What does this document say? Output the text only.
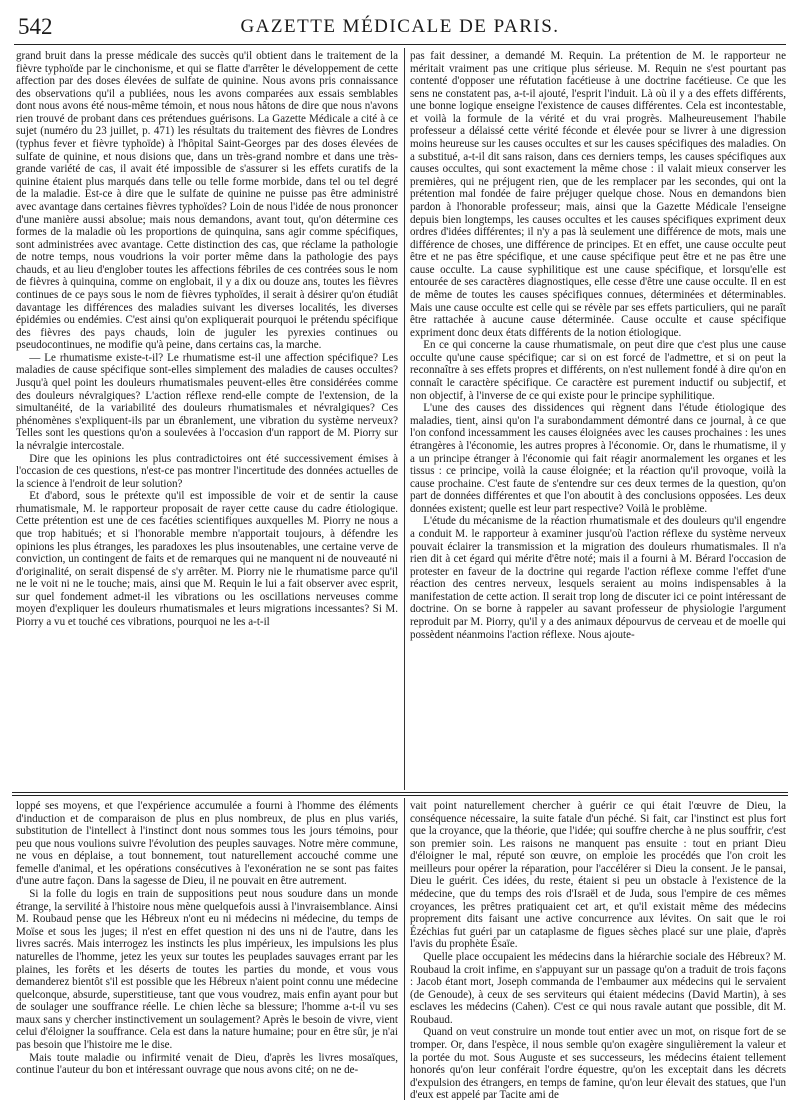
542	GAZETTE MÉDICALE DE PARIS.

grand bruit dans la presse médicale des succès qu'il obtient dans le traitement de la fièvre typhoïde par le cinchonisme, et qui se flatte d'arrêter le développement de cette affection par des doses élevées de sulfate de quinine. Nous avons pris connaissance des observations qu'il a publiées, nous les avons comparées aux essais semblables dont nous avons été nous-même témoin, et nous nous hâtons de dire que nous n'avons rien trouvé de probant dans ces prétendues guérisons. La Gazette Médicale a cité à ce sujet (numéro du 23 juillet, p. 471) les résultats du traitement des fièvres de Londres (typhus fever et fièvre typhoïde) à l'hôpital Saint-Georges par des doses élevées de sulfate de quinine, et nous disions que, dans un très-grand nombre et dans une très-grande variété de cas, il avait été impossible de s'assurer si les effets curatifs de la quinine étaient plus marqués dans telle ou telle forme morbide, dans tel ou tel degré de la maladie. Est-ce à dire que le sulfate de quinine ne puisse pas être administré avec avantage dans certaines fièvres typhoïdes? Loin de nous l'idée de nous prononcer d'une manière aussi absolue; mais nous demandons, avant tout, qu'on détermine ces formes de la maladie où les proportions de quinquina, sans agir comme spécifiques, sont administrées avec avantage. Cette distinction des cas, que réclame la pathologie de notre temps, nous voudrions la voir porter même dans la pathologie des pays chauds, et au lieu d'englober toutes les affections fébriles de ces contrées sous le nom de fièvres à quinquina, comme on englobait, il y a dix ou douze ans, toutes les fièvres continues de ce pays sous le nom de fièvres typhoïdes, il serait à désirer qu'on étudiât davantage les différences des maladies suivant les diverses localités, les diverses épidémies ou endémies. C'est ainsi qu'on expliquerait pourquoi le prétendu spécifique des fièvres des pays chauds, loin de juguler les pyrexies continues ou pseudocontinues, ne modifie qu'à peine, dans certains cas, la marche.

— Le rhumatisme existe-t-il? Le rhumatisme est-il une affection spécifique? Les maladies de cause spécifique sont-elles simplement des maladies de causes occultes? Jusqu'à quel point les douleurs rhumatismales peuvent-elles être considérées comme des douleurs névralgiques? L'action réflexe rend-elle compte de l'extension, de la simultanéité, de la variabilité des douleurs rhumatismales et névralgiques? Ces phénomènes s'expliquent-ils par un ébranlement, une vibration du système nerveux? Telles sont les questions qu'on a soulevées à l'occasion d'un rapport de M. Piorry sur la névralgie intercostale.

Dire que les opinions les plus contradictoires ont été successivement émises à l'occasion de ces questions, n'est-ce pas montrer l'incertitude des données actuelles de la science à l'endroit de leur solution?

Et d'abord, sous le prétexte qu'il est impossible de voir et de sentir la cause rhumatismale, M. le rapporteur proposait de rayer cette cause du cadre étiologique. Cette prétention est une de ces facéties scientifiques auxquelles M. Piorry ne nous a que trop habitués; et si l'honorable membre n'apportait toujours, à défendre les opinions les plus étranges, les paradoxes les plus insoutenables, une certaine verve de conviction, un contingent de faits et de remarques qui ne manquent ni de nouveauté ni d'originalité, on serait dispensé de s'y arrêter. M. Piorry nie le rhumatisme parce qu'il ne le voit ni ne le touche; mais, ainsi que M. Requin le lui a fait observer avec esprit, sur quel fondement admet-il les vibrations ou les oscillations nerveuses comme moyen d'expliquer les douleurs rhumatismales et leurs migrations incessantes? Si M. Piorry a vu et touché ces vibrations, pourquoi ne les a-t-il

pas fait dessiner, a demandé M. Requin. La prétention de M. le rapporteur ne méritait vraiment pas une critique plus sérieuse. M. Requin ne s'est pourtant pas contenté d'opposer une réfutation facétieuse à une doctrine facétieuse. Ce que les sens ne constatent pas, a-t-il ajouté, l'esprit l'induit. Là où il y a des effets différents, une bonne logique enseigne l'existence de causes différentes. Cela est incontestable, et voilà la formule de la vérité et du vrai progrès. Malheureusement l'habile professeur a délaissé cette vérité féconde et élevée pour se livrer à une digression moins heureuse sur les causes occultes et sur les causes spécifiques des maladies. On a substitué, a-t-il dit sans raison, dans ces derniers temps, les causes spécifiques aux causes occultes, qui sont exactement la même chose : il valait mieux conserver les premières, qui ne préjugent rien, que de les remplacer par les secondes, qui ont la prétention mal fondée de faire préjuger quelque chose. Nous en demandons bien pardon à l'honorable professeur; mais, ainsi que la Gazette Médicale l'enseigne depuis bien longtemps, les causes occultes et les causes spécifiques expriment deux ordres d'idées différentes; il n'y a pas là seulement une différence de mots, mais une différence de choses, une différence de principes. Et en effet, une cause occulte peut être et ne pas être spécifique, et une cause spécifique peut être et ne pas être une cause occulte. La cause syphilitique est une cause spécifique, et lorsqu'elle est entourée de ses caractères diagnostiques, elle cesse d'être une cause occulte. Il en est de même de toutes les causes spécifiques connues, déterminées et déterminables. Mais une cause occulte est celle qui se révèle par ses effets particuliers, qui ne paraît être rattachée à aucune cause déterminée. Cause occulte et cause spécifique expriment donc deux états différents de la notion étiologique.

En ce qui concerne la cause rhumatismale, on peut dire que c'est plus une cause occulte qu'une cause spécifique; car si on est forcé de l'admettre, et si on peut la reconnaître à ses effets propres et différents, on n'est nullement fondé à dire qu'on en connaît le caractère spécifique. Ce caractère est purement inductif ou subjectif, et non objectif, à l'inverse de ce qui existe pour le principe syphilitique.

L'une des causes des dissidences qui règnent dans l'étude étiologique des maladies, tient, ainsi qu'on l'a surabondamment démontré dans ce journal, à ce que l'on confond incessamment les causes éloignées avec les causes prochaines : les unes étrangères à l'économie, les autres propres à l'économie. Or, dans le rhumatisme, il y a un principe étranger à l'économie qui fait réagir anormalement les organes et les tissus : ce principe, voilà la cause éloignée; et la réaction qu'il provoque, voilà la cause prochaine. C'est faute de s'entendre sur ces deux termes de la question, qu'on part de données différentes et que l'on aboutit à des conclusions opposées. Les deux données existent; quelle est leur part respective? Voilà le problème.

L'étude du mécanisme de la réaction rhumatismale et des douleurs qu'il engendre a conduit M. le rapporteur à examiner jusqu'où l'action réflexe du système nerveux pouvait éclairer la transmission et la migration des douleurs rhumatismales. Il n'a rien dit à cet égard qui mérite d'être noté; mais il a fourni à M. Bérard l'occasion de protester en faveur de la doctrine qui regarde l'action réflexe comme l'effet d'une réaction des centres nerveux, lesquels seraient au moins indispensables à la manifestation de cette action. Il serait trop long de discuter ici ce point intéressant de doctrine. On se borne à rappeler au savant professeur de physiologie l'argument reproduit par M. Piorry, qu'il y a des animaux dépourvus de cerveau et de moelle qui possèdent néanmoins l'action réflexe. Nous ajoute-

loppé ses moyens, et que l'expérience accumulée a fourni à l'homme des éléments d'induction et de comparaison de plus en plus nombreux, de plus en plus variés, substitution de l'intellect à l'instinct dont nous sommes tous les jours témoins, pour peu que nous voulions suivre l'évolution des peuples sauvages. Notre mère commune, ne vous en déplaise, a tout bonnement, tout naturellement accouché comme une femelle d'animal, et les opérations consécutives à l'exonération ne se sont pas faites d'une autre façon. Dans la sagesse de Dieu, il ne pouvait en être autrement.

Si la folle du logis en train de suppositions peut nous soudure dans un monde étrange, la servilité à l'histoire nous mène quelquefois aussi à l'invraisemblance. Ainsi M. Roubaud pense que les Hébreux n'ont eu ni médecins ni médecine, du temps de Moïse et sous les juges; il n'est en effet question ni des uns ni de l'autre, dans les livres sacrés. Mais interrogez les instincts les plus impérieux, les impulsions les plus naturelles de l'homme, jetez les yeux sur toutes les peuplades sauvages errant par les plaines, les forêts et les déserts de toutes les parties du monde, et vous vous demanderez bientôt s'il est possible que les Hébreux n'aient point connu une médecine quelconque, absurde, superstitieuse, tant que vous voudrez, mais enfin ayant pour but de soulager une souffrance réelle. Le chien lèche sa blessure; l'homme a-t-il vu ses maux sans y chercher instinctivement un soulagement? Après le besoin de vivre, vient celui d'éloigner la souffrance. Cela est dans la nature humaine; pour en être sûr, je n'ai pas besoin que l'histoire me le dise.

Mais toute maladie ou infirmité venait de Dieu, d'après les livres mosaïques, continue l'auteur du bon et intéressant ouvrage que nous avons cité; on ne de-

vait point naturellement chercher à guérir ce qui était l'œuvre de Dieu, la conséquence nécessaire, la suite fatale d'un péché. Si fait, car l'instinct est plus fort que la croyance, que la théorie, que l'idée; qui souffre cherche à ne plus souffrir, c'est son premier soin. Les raisons ne manquent pas ensuite : tout en priant Dieu d'éloigner le mal, réputé son œuvre, on emploie les procédés que l'on croit les meilleurs pour opérer la réparation, pour l'accélérer si Dieu la consent. Je le pansai, Dieu le guérit. Ces idées, du reste, étaient si peu un obstacle à l'existence de la médecine, que du temps des rois d'Israël et de Juda, sous l'empire de ces mêmes croyances, les prêtres pratiquaient cet art, et qu'il existait même des médecins proprement dits faisant une active concurrence aux lévites. On sait que le roi Ézéchias fut guéri par un cataplasme de figues sèches placé sur une plaie, d'après l'avis du prophète Ésaïe.

Quelle place occupaient les médecins dans la hiérarchie sociale des Hébreux? M. Roubaud la croit infime, en s'appuyant sur un passage qu'on a traduit de trois façons : Jacob étant mort, Joseph commanda de l'embaumer aux médecins qui le servaient (de Genoude), à ceux de ses serviteurs qui étaient médecins (David Martin), à ses esclaves les médecins (Cahen). C'est ce qui nous ravale autant que possible, dit M. Roubaud.

Quand on veut construire un monde tout entier avec un mot, on risque fort de se tromper. Or, dans l'espèce, il nous semble qu'on exagère singulièrement la valeur et la portée du mot. Sous Auguste et ses successeurs, les médecins étaient tellement honorés qu'on leur conférait l'ordre équestre, qu'on les exceptait dans les décrets d'expulsion des étrangers, en temps de famine, qu'on leur élevait des statues, que l'un d'eux est appelé par Tacite ami de
